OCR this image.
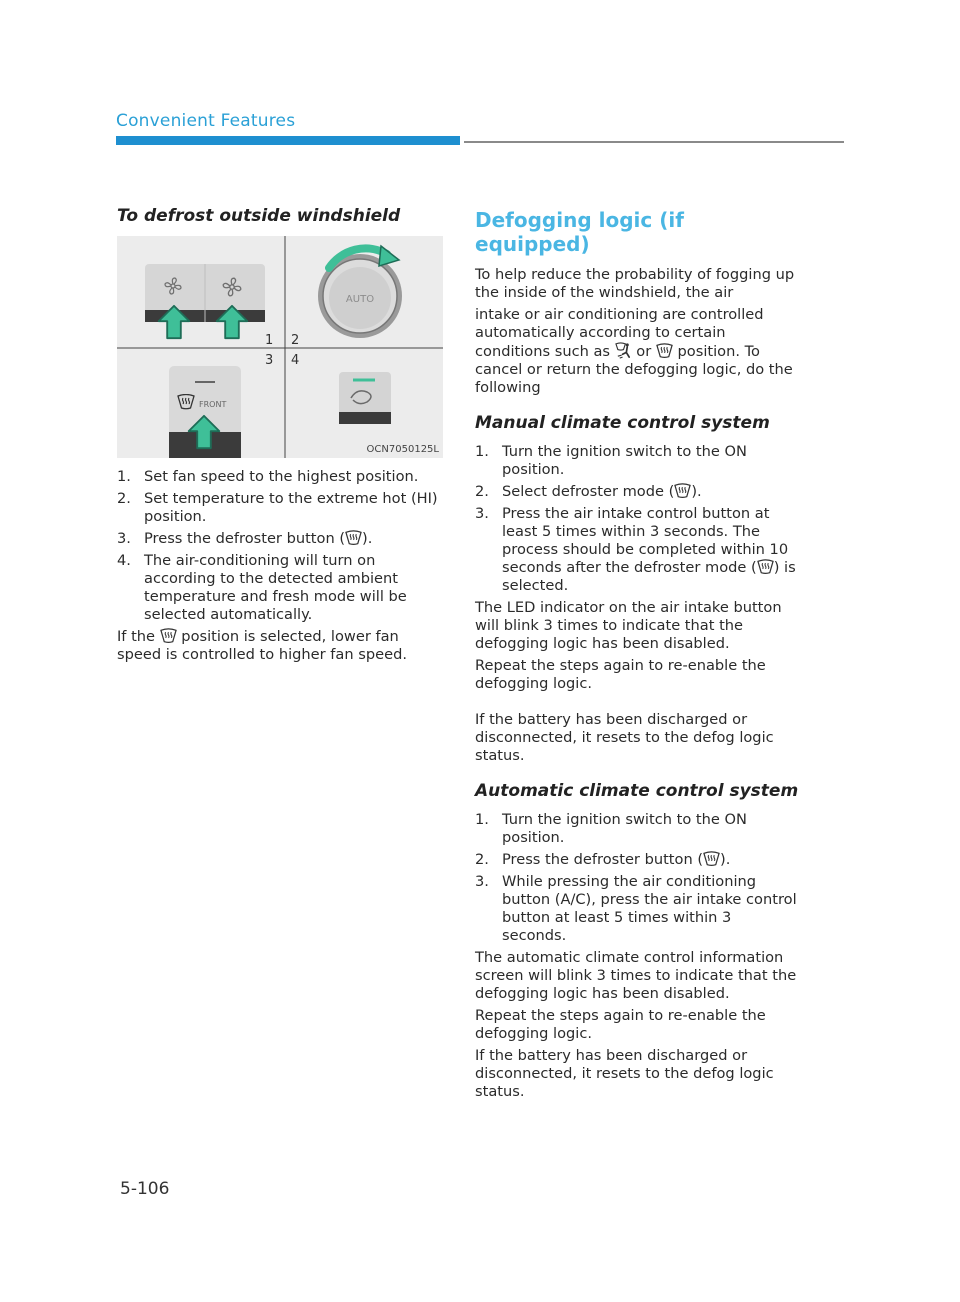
Convenient Features
To defrost outside windshield
AUTO
FRONT
1 2
3 4
OCN7050125L
1. Set fan speed to the highest position.
2. Set temperature to the extreme hot (HI) position.
3. Press the defroster button ( ).
4. The air-conditioning will turn on according to the detected ambient temperature and fresh mode will be selected automatically.

If the  position is selected, lower fan speed is controlled to higher fan speed.

Defogging logic (if equipped)

To help reduce the probability of fogging up the inside of the windshield, the air

intake or air conditioning are controlled automatically according to certain conditions such as  or  position. To cancel or return the defogging logic, do the following

Manual climate control system
1. Turn the ignition switch to the ON position.
2. Select defroster mode ( ).
3. Press the air intake control button at least 5 times within 3 seconds. The process should be completed within 10 seconds after the defroster mode ( ) is selected.

The LED indicator on the air intake button will blink 3 times to indicate that the defogging logic has been disabled.

Repeat the steps again to re-enable the defogging logic.

If the battery has been discharged or disconnected, it resets to the defog logic status.

Automatic climate control system
1. Turn the ignition switch to the ON position.
2. Press the defroster button ( ).
3. While pressing the air conditioning button (A/C), press the air intake control button at least 5 times within 3 seconds.

The automatic climate control information screen will blink 3 times to indicate that the defogging logic has been disabled.

Repeat the steps again to re-enable the defogging logic.

If the battery has been discharged or disconnected, it resets to the defog logic status.

5-106
